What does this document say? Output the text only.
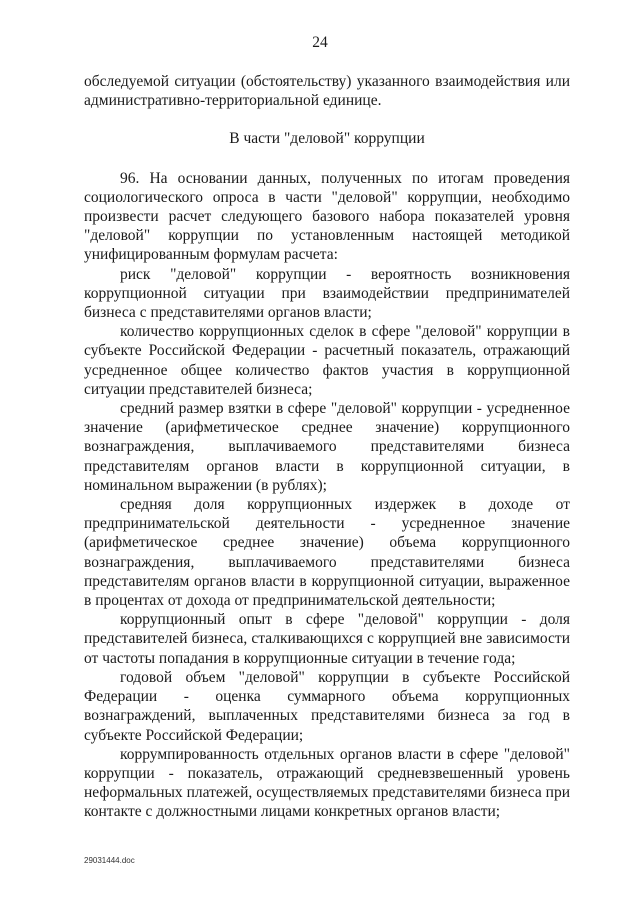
24

обследуемой ситуации (обстоятельству) указанного взаимодействия или административно-территориальной единице.

В части "деловой" коррупции

96. На основании данных, полученных по итогам проведения социологического опроса в части "деловой" коррупции, необходимо произвести расчет следующего базового набора показателей уровня "деловой" коррупции по установленным настоящей методикой унифицированным формулам расчета:

риск "деловой" коррупции - вероятность возникновения коррупционной ситуации при взаимодействии предпринимателей бизнеса с представителями органов власти;

количество коррупционных сделок в сфере "деловой" коррупции в субъекте Российской Федерации - расчетный показатель, отражающий усредненное общее количество фактов участия в коррупционной ситуации представителей бизнеса;

средний размер взятки в сфере "деловой" коррупции - усредненное значение (арифметическое среднее значение) коррупционного вознаграждения, выплачиваемого представителями бизнеса представителям органов власти в коррупционной ситуации, в номинальном выражении (в рублях);

средняя доля коррупционных издержек в доходе от предпринимательской деятельности - усредненное значение (арифметическое среднее значение) объема коррупционного вознаграждения, выплачиваемого представителями бизнеса представителям органов власти в коррупционной ситуации, выраженное в процентах от дохода от предпринимательской деятельности;

коррупционный опыт в сфере "деловой" коррупции - доля представителей бизнеса, сталкивающихся с коррупцией вне зависимости от частоты попадания в коррупционные ситуации в течение года;

годовой объем "деловой" коррупции в субъекте Российской Федерации - оценка суммарного объема коррупционных вознаграждений, выплаченных представителями бизнеса за год в субъекте Российской Федерации;

коррумпированность отдельных органов власти в сфере "деловой" коррупции - показатель, отражающий средневзвешенный уровень неформальных платежей, осуществляемых представителями бизнеса при контакте с должностными лицами конкретных органов власти;

29031444.doc
